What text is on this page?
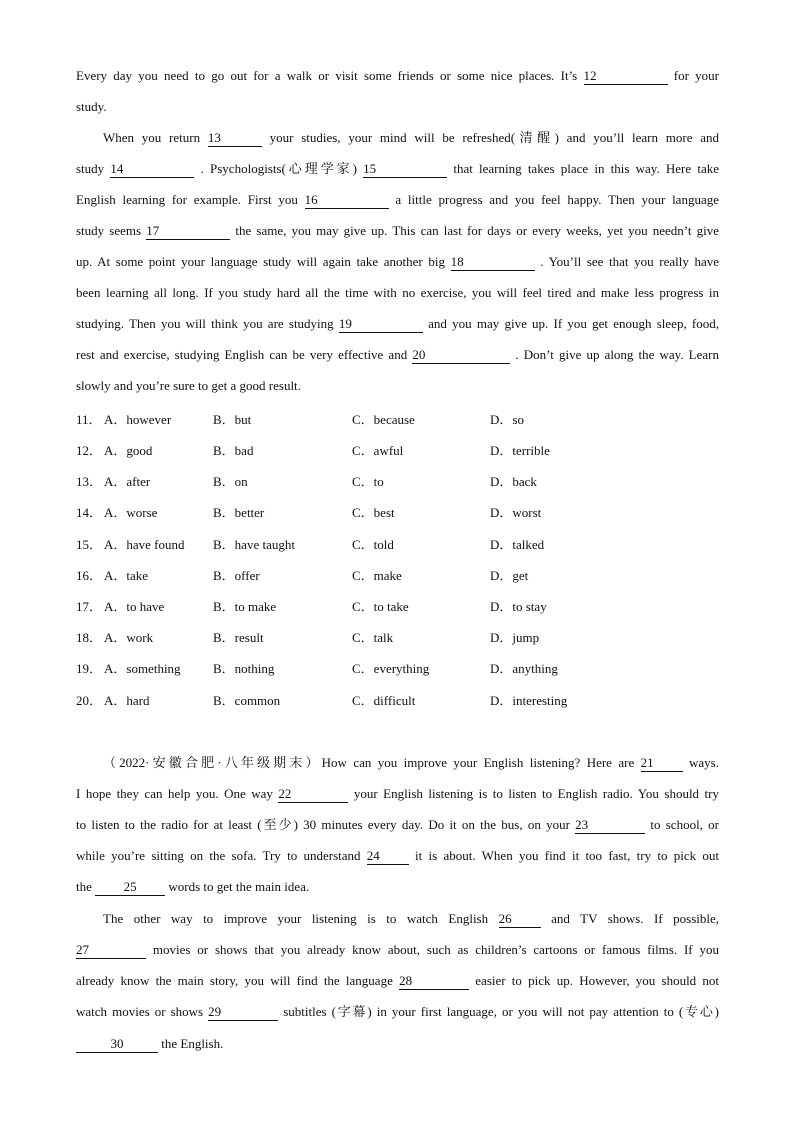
Every day you need to go out for a walk or visit some friends or some nice places. It’s 12	for your
study.
When you return 13	your studies, your mind will be refreshed(清醒) and you’ll learn more and
study 14	. Psychologists(心理学家) 15	that learning takes place in this way. Here take
English learning for example. First you 16	a little progress and you feel happy. Then your language
study seems 17	the same, you may give up. This can last for days or every weeks, yet you needn’t give
up. At some point your language study will again take another big 18	. You’ll see that you really have
been learning all long. If you study hard all the time with no exercise, you will feel tired and make less progress in
studying. Then you will think you are studying 19	and you may give up. If you get enough sleep, food,
rest and exercise, studying English can be very effective and 20	. Don’t give up along the way. Learn
slowly and you’re sure to get a good result.
11． A．however	B．but	C．because	D．so
12． A．good	B．bad	C．awful	D．terrible
13． A．after	B．on	C．to	D．back
14． A．worse	B．better	C．best	D．worst
15． A．have found B．have taught	C．told	D．talked
16． A．take	B．offer	C．make	D．get
17． A．to have	B．to make	C．to take	D．to stay
18． A．work	B．result	C．talk	D．jump
19． A．something B．nothing	C．everything	D．anything
20． A．hard	B．common	C．difficult	D．interesting
（2022·安徽合肥·八年级期末）How can you improve your English listening? Here are 21 ways.
I hope they can help you. One way 22	your English listening is to listen to English radio. You should try
to listen to the radio for at least (至少) 30 minutes every day. Do it on the bus, on your 23	to school, or
while you’re sitting on the sofa. Try to understand 24 it is about. When you find it too fast, try to pick out
the 25 words to get the main idea.
The other way to improve your listening is to watch English 26 and TV shows. If possible,
27	movies or shows that you already know about, such as children’s cartoons or famous films. If you
already know the main story, you will find the language 28	easier to pick up. However, you should not
watch movies or shows 29	subtitles (字幕) in your first language, or you will not pay attention to (专心)
30	the English.
